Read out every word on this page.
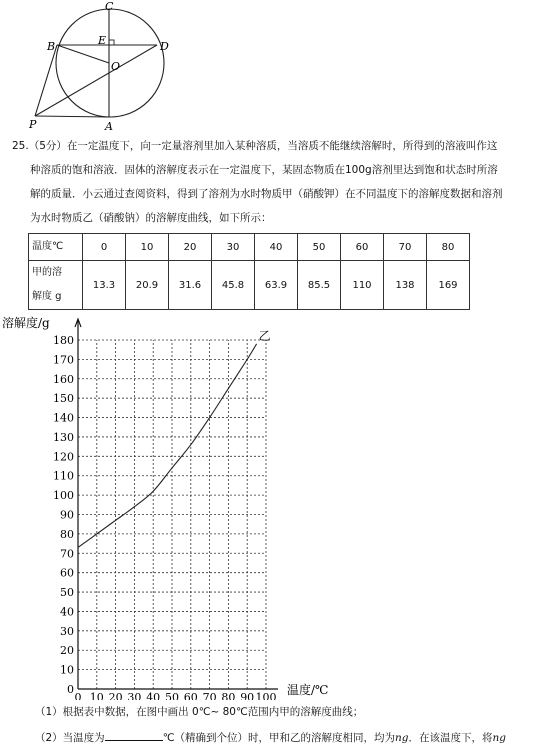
C
B	E	D
O
P	A
25.（5分）在一定温度下，向一定量溶剂里加入某种溶质，当溶质不能继续溶解时，所得到的溶液叫作这
种溶质的饱和溶液．固体的溶解度表示在一定温度下，某固态物质在100g溶剂里达到饱和状态时所溶
解的质量．小云通过查阅资料，得到了溶剂为水时物质甲（硝酸钾）在不同温度下的溶解度数据和溶剂
为水时物质乙（硝酸钠）的溶解度曲线，如下所示：
温度℃	0	10	20	30	40	50	60	70	80
甲的溶
解度 g	13.3	20.9	31.6	45.8	63.9	85.5	110	138	169
0 10 20 30 40 50 60 70 80 90 100
0
10
20
30
40
50
60
70
80
90
100
110
120
130
140
150
160
170
180	乙
溶解度/g
温度/℃
（1）根据表中数据，在图中画出 0℃~ 80℃范围内甲的溶解度曲线；
（2）当温度为	℃（精确到个位）时，甲和乙的溶解度相同，均为ng．在该温度下，将ng
